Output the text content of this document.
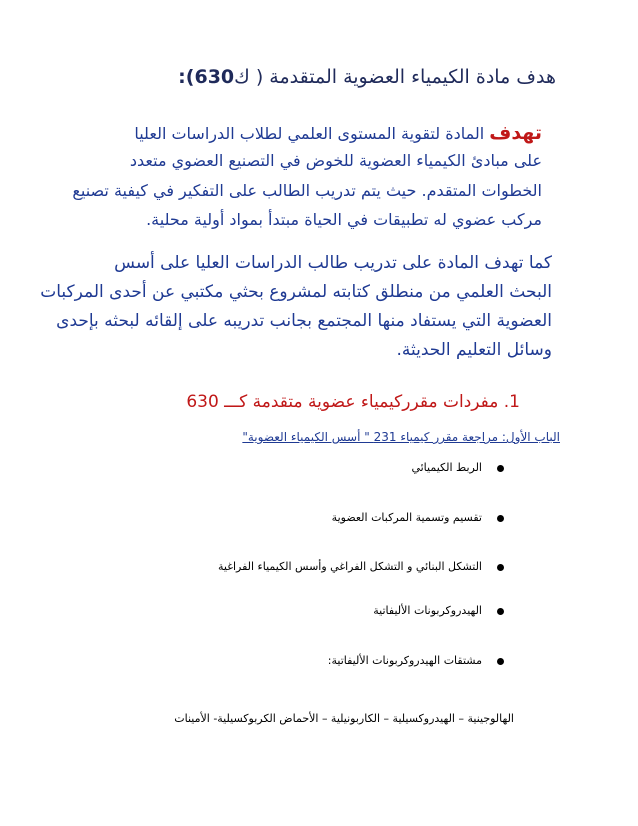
هدف مادة الكيمياء العضوية المتقدمة ( ك630):
تهدف المادة لتقوية المستوى العلمي لطلاب الدراسات العليا
على مبادئ الكيمياء العضوية للخوض في التصنيع العضوي متعدد
الخطوات المتقدم. حيث يتم تدريب الطالب على التفكير في كيفية تصنيع
مركب عضوي له تطبيقات في الحياة مبتدأ بمواد أولية محلية.
كما تهدف المادة على تدريب طالب الدراسات العليا على أسس
البحث العلمي من منطلق كتابته لمشروع بحثي مكتبي عن أحدى المركبات
العضوية التي يستفاد منها المجتمع بجانب تدريبه على إلقائه لبحثه بإحدى
وسائل التعليم الحديثة.
1. مفردات مقرركيمياء عضوية متقدمة كـــ 630
الباب الأول: مراجعة مقرر كيمياء 231 " أسس الكيمياء العضوية"
الربط الكيميائي
تقسيم وتسمية المركبات العضوية
التشكل البنائي و التشكل الفراغي وأسس الكيمياء الفراغية
الهيدروكربونات الأليفاتية
مشتقات الهيدروكربونات الأليفاتية:
الهالوجينية – الهيدروكسيلية – الكاربونيلية – الأحماض الكربوكسيلية- الأمينات
